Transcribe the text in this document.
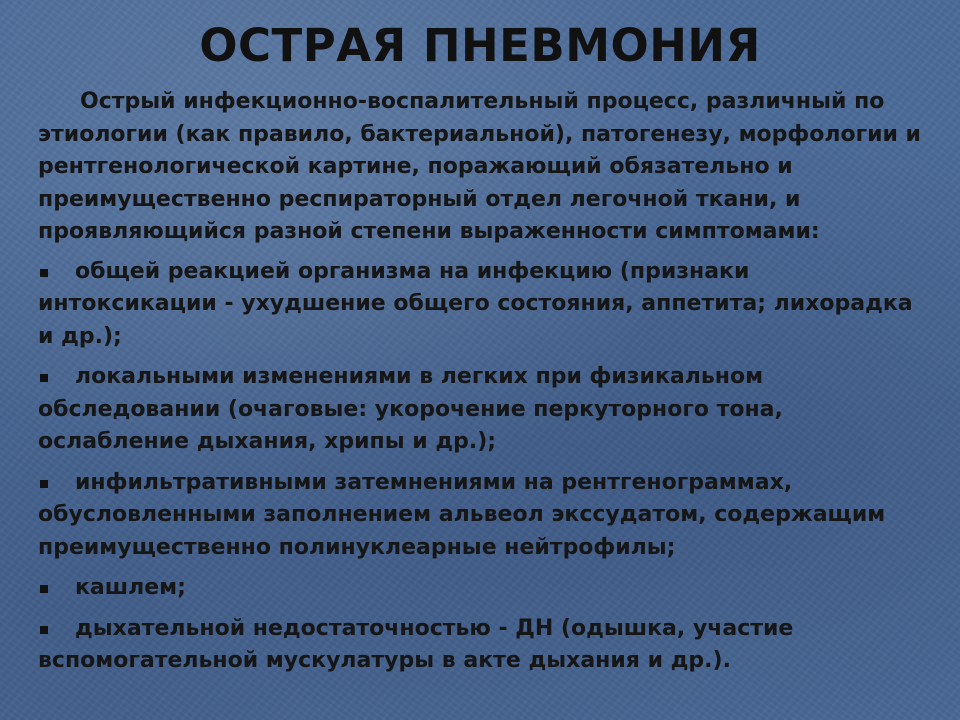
ОСТРАЯ ПНЕВМОНИЯ

Острый инфекционно-воспалительный процесс, различный по этиологии (как правило, бактериальной), патогенезу, морфологии и рентгенологической картине, поражающий обязательно и преимущественно респираторный отдел легочной ткани, и проявляющийся разной степени выраженности симптомами:

общей реакцией организма на инфекцию (признаки интоксикации - ухудшение общего состояния, аппетита; лихорадка и др.);
локальными изменениями в легких при физикальном обследовании (очаговые: укорочение перкуторного тона, ослабление дыхания, хрипы и др.);
инфильтративными затемнениями на рентгенограммах, обусловленными заполнением альвеол экссудатом, содержащим преимущественно полинуклеарные нейтрофилы;
кашлем;
дыхательной недостаточностью - ДН (одышка, участие вспомогательной мускулатуры в акте дыхания и др.).
